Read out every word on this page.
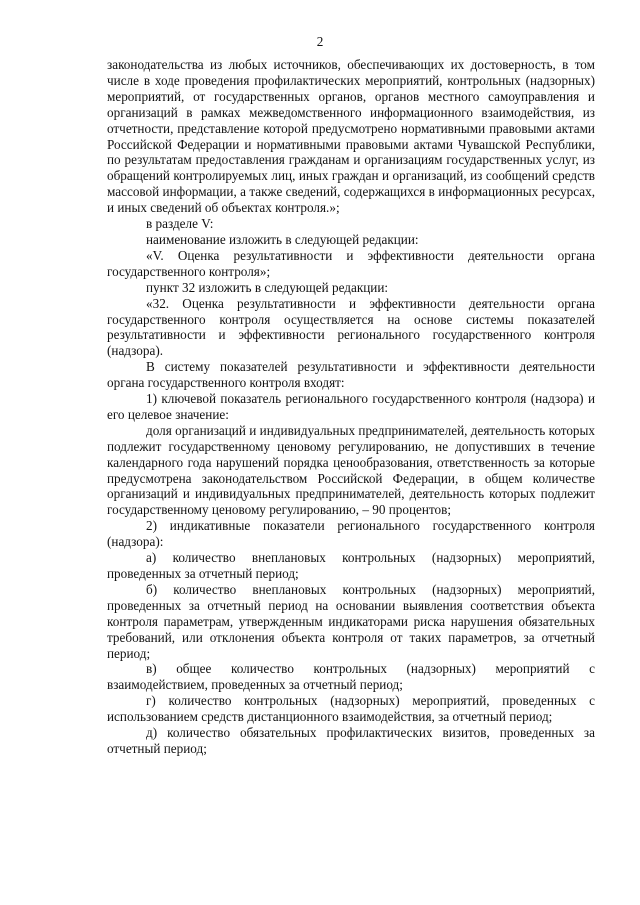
2

законодательства из любых источников, обеспечивающих их достоверность, в том числе в ходе проведения профилактических мероприятий, контрольных (надзорных) мероприятий, от государственных органов, органов местного самоуправления и организаций в рамках межведомственного информационного взаимодействия, из отчетности, представление которой предусмотрено нормативными правовыми актами Российской Федерации и нормативными правовыми актами Чувашской Республики, по результатам предоставления гражданам и организациям государственных услуг, из обращений контролируемых лиц, иных граждан и организаций, из сообщений средств массовой информации, а также сведений, содержащихся в информационных ресурсах, и иных сведений об объектах контроля.»;

в разделе V:

наименование изложить в следующей редакции:

«V. Оценка результативности и эффективности деятельности органа государственного контроля»;

пункт 32 изложить в следующей редакции:

«32. Оценка результативности и эффективности деятельности органа государственного контроля осуществляется на основе системы показателей результативности и эффективности регионального государственного контроля (надзора).

В систему показателей результативности и эффективности деятельности органа государственного контроля входят:

1) ключевой показатель регионального государственного контроля (надзора) и его целевое значение:

доля организаций и индивидуальных предпринимателей, деятельность которых подлежит государственному ценовому регулированию, не допустивших в течение календарного года нарушений порядка ценообразования, ответственность за которые предусмотрена законодательством Российской Федерации, в общем количестве организаций и индивидуальных предпринимателей, деятельность которых подлежит государственному ценовому регулированию, – 90 процентов;

2) индикативные показатели регионального государственного контроля (надзора):

а) количество внеплановых контрольных (надзорных) мероприятий, проведенных за отчетный период;

б) количество внеплановых контрольных (надзорных) мероприятий, проведенных за отчетный период на основании выявления соответствия объекта контроля параметрам, утвержденным индикаторами риска нарушения обязательных требований, или отклонения объекта контроля от таких параметров, за отчетный период;

в) общее количество контрольных (надзорных) мероприятий с взаимодействием, проведенных за отчетный период;

г) количество контрольных (надзорных) мероприятий, проведенных с использованием средств дистанционного взаимодействия, за отчетный период;

д) количество обязательных профилактических визитов, проведенных за отчетный период;
